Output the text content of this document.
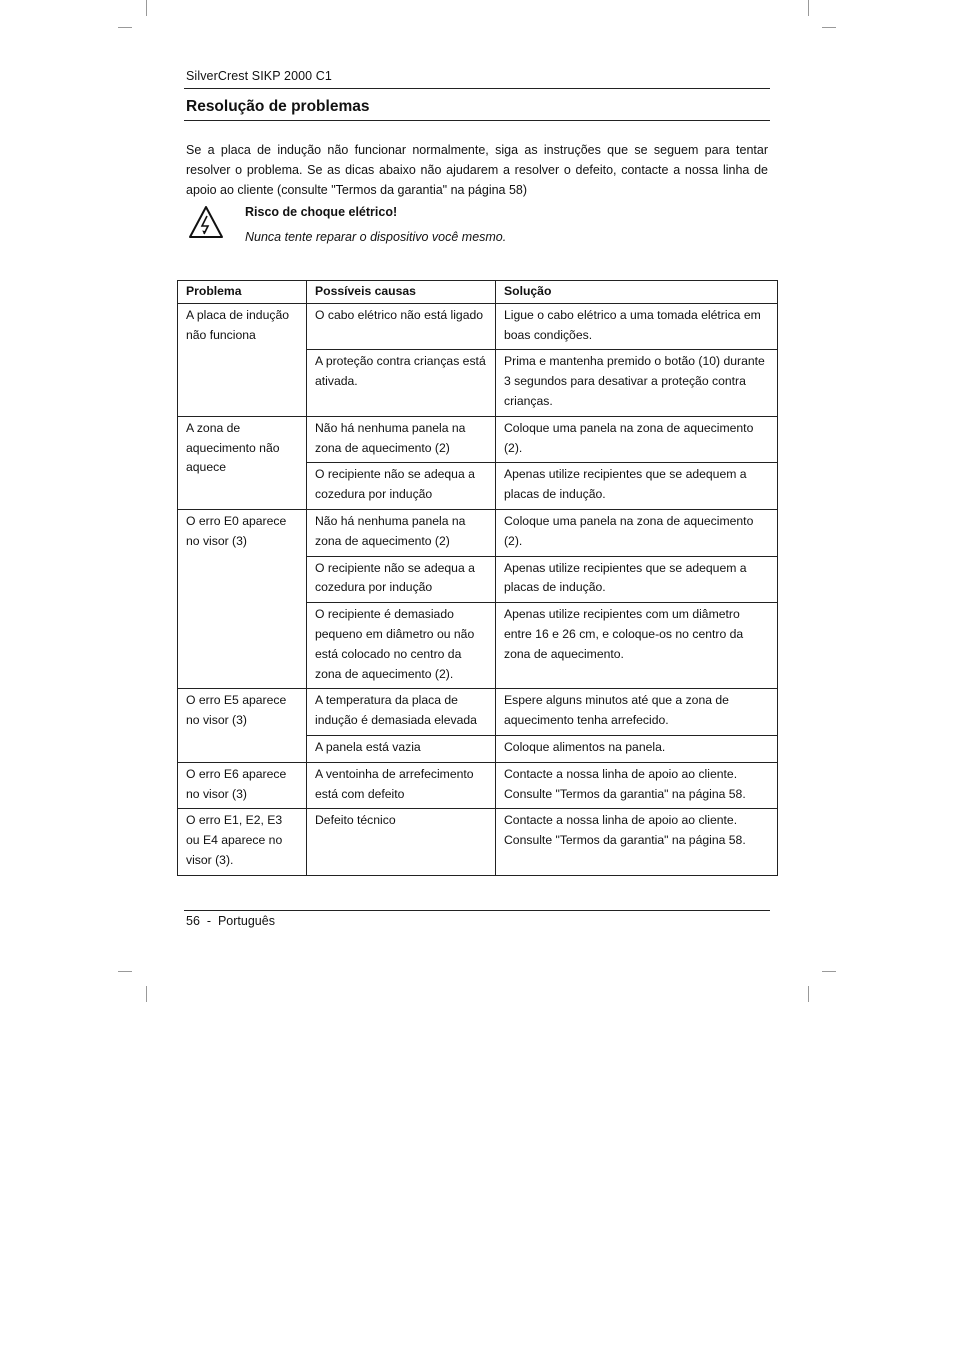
SilverCrest SIKP 2000 C1
Resolução de problemas

Se a placa de indução não funcionar normalmente, siga as instruções que se seguem para tentar resolver o problema. Se as dicas abaixo não ajudarem a resolver o defeito, contacte a nossa linha de apoio ao cliente (consulte "Termos da garantia" na página 58)

Risco de choque elétrico!
Nunca tente reparar o dispositivo você mesmo.
Problema	Possíveis causas	Solução
A placa de indução não funciona	O cabo elétrico não está ligado	Ligue o cabo elétrico a uma tomada elétrica em boas condições.
	A proteção contra crianças está ativada.	Prima e mantenha premido o botão (10) durante 3 segundos para desativar a proteção contra crianças.
A zona de aquecimento não aquece	Não há nenhuma panela na zona de aquecimento (2)	Coloque uma panela na zona de aquecimento (2).
	O recipiente não se adequa a cozedura por indução	Apenas utilize recipientes que se adequem a placas de indução.
O erro E0 aparece no visor (3)	Não há nenhuma panela na zona de aquecimento (2)	Coloque uma panela na zona de aquecimento (2).
	O recipiente não se adequa a cozedura por indução	Apenas utilize recipientes que se adequem a placas de indução.
	O recipiente é demasiado pequeno em diâmetro ou não está colocado no centro da zona de aquecimento (2).	Apenas utilize recipientes com um diâmetro entre 16 e 26 cm, e coloque-os no centro da zona de aquecimento.
O erro E5 aparece no visor (3)	A temperatura da placa de indução é demasiada elevada	Espere alguns minutos até que a zona de aquecimento tenha arrefecido.
	A panela está vazia	Coloque alimentos na panela.
O erro E6 aparece no visor (3)	A ventoinha de arrefecimento está com defeito	Contacte a nossa linha de apoio ao cliente. Consulte "Termos da garantia" na página 58.
O erro E1, E2, E3 ou E4 aparece no visor (3).	Defeito técnico	Contacte a nossa linha de apoio ao cliente. Consulte "Termos da garantia" na página 58.
56  -  Português
